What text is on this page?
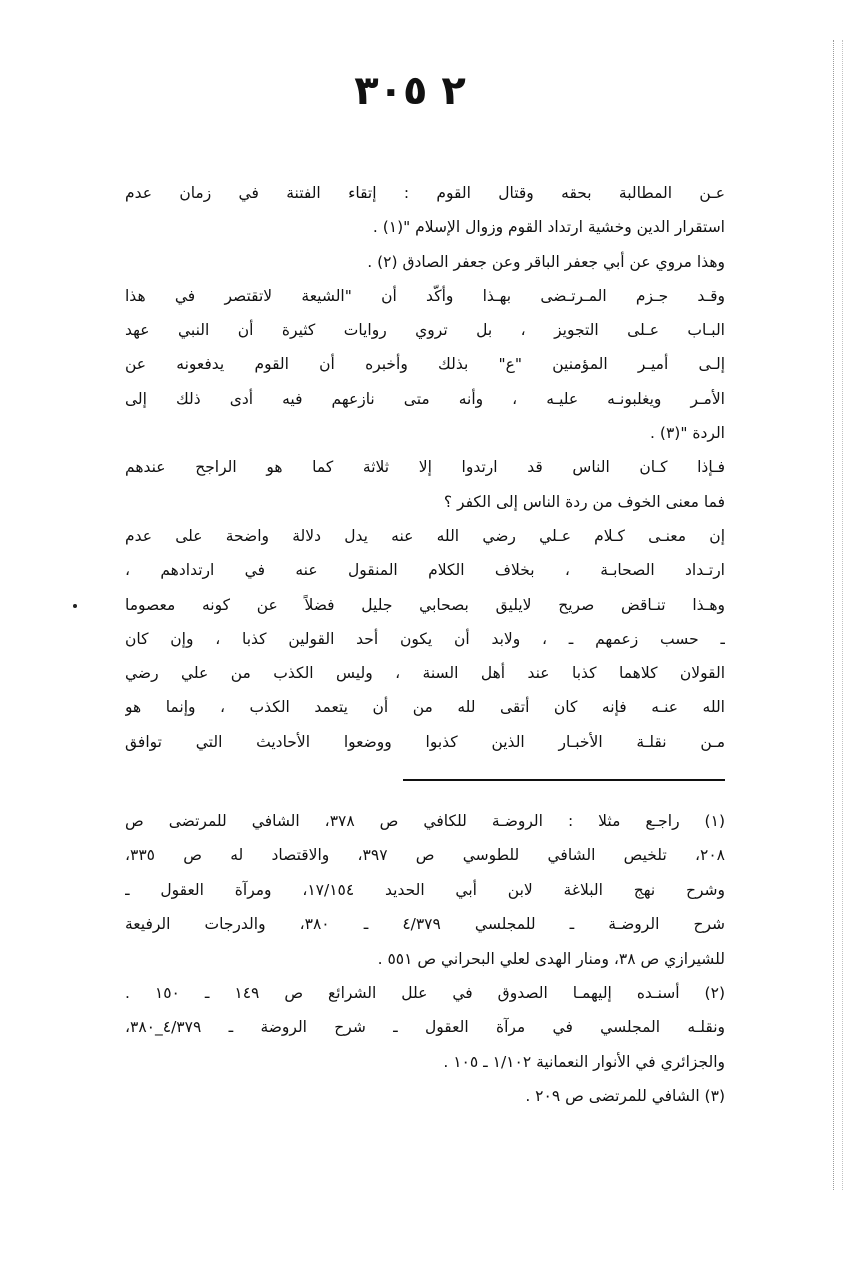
٢ ٣٠٥
عـن المطالبة بحقه وقتال القوم : إتقاء الفتنة في زمان عدم
استقرار الدين وخشية ارتداد القوم وزوال الإسلام "(١) .
وهذا مروي عن أبي جعفر الباقر وعن جعفر الصادق (٢) .
وقـد جـزم المـرتـضى بهـذا وأكّد أن "الشيعة لاتقتصر في هذا
البـاب عـلى التجويز ، بل تروي روايات كثيرة أن النبي عهد
إلـى أميـر المؤمنين "ع" بذلك وأخبره أن القوم يدفعونه عن
الأمـر ويغلبونـه عليـه ، وأنه متى نازعهم فيه أدى ذلك إلى
الردة "(٣) .
فـإذا كـان الناس قد ارتدوا إلا ثلاثة كما هو الراجح عندهم
فما معنى الخوف من ردة الناس إلى الكفر ؟
إن معنـى كـلام عـلي رضي الله عنه يدل دلالة واضحة على عدم
ارتـداد الصحابـة ، بخلاف الكلام المنقول عنه في ارتدادهم ،
وهـذا تنـاقض صريح لايليق بصحابي جليل فضلاً عن كونه معصوما
ـ حسب زعمهم ـ ، ولابد أن يكون أحد القولين كذبا ، وإن كان
القولان كلاهما كذبا عند أهل السنة ، وليس الكذب من علي رضي
الله عنـه فإنه كان أتقى لله من أن يتعمد الكذب ، وإنما هو
مـن نقلـة الأخبـار الذين كذبوا ووضعوا الأحاديث التي توافق
(١) راجـع مثلا : الروضـة للكافي ص ٣٧٨، الشافي للمرتضى ص
٢٠٨، تلخيص الشافي للطوسي ص ٣٩٧، والاقتصاد له ص ٣٣٥،
وشرح نهج البلاغة لابن أبي الحديد ١٧/١٥٤، ومرآة العقول ـ
شرح الروضـة ـ للمجلسي ٤/٣٧٩ ـ ٣٨٠، والدرجات الرفيعة
للشيرازي ص ٣٨، ومنار الهدى لعلي البحراني ص ٥٥١ .
(٢) أسنـده إليهمـا الصدوق في علل الشرائع ص ١٤٩ ـ ١٥٠ .
ونقلـه المجلسي في مرآة العقول ـ شرح الروضة ـ ٤/٣٧٩_٣٨٠،
والجزائري في الأنوار النعمانية ١/١٠٢ ـ ١٠٥ .
(٣) الشافي للمرتضى ص ٢٠٩ .
